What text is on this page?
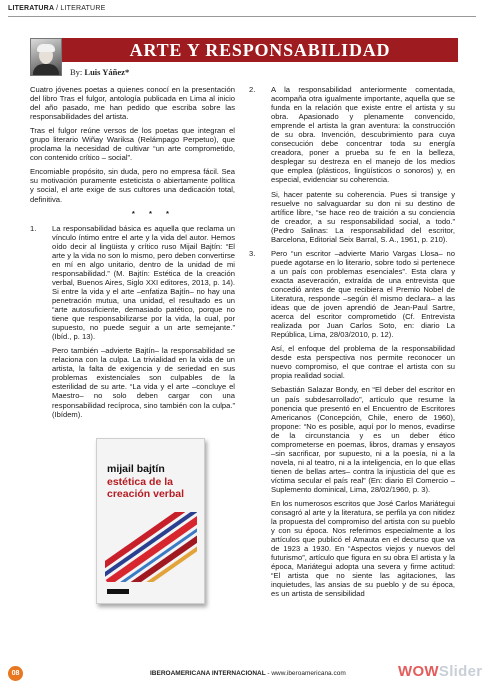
LITERATURA / LITERATURE
ARTE Y RESPONSABILIDAD
By: Luis Yáñez*

Cuatro jóvenes poetas a quienes conocí en la presentación del libro Tras el fulgor, antología publicada en Lima al inicio del año pasado, me han pedido que escriba sobre las responsabilidades del artista.

Tras el fulgor reúne versos de los poetas que integran el grupo literario Wiñay Wariksa (Relámpago Perpetuo), que proclama la necesidad de cultivar “un arte comprometido, con contenido crítico – social”.

Encomiable propósito, sin duda, pero no empresa fácil. Sea su motivación puramente esteticista o abiertamente política y social, el arte exige de sus cultores una dedicación total, definitiva.

* * *

1. La responsabilidad básica es aquella que reclama un vínculo íntimo entre el arte y la vida del autor. Hemos oído decir al lingüista y crítico ruso Mijail Bajtín: “El arte y la vida no son lo mismo, pero deben convertirse en mí en algo unitario, dentro de la unidad de mi responsabilidad.” (M. Bajtín: Estética de la creación verbal, Buenos Aires, Siglo XXI editores, 2013, p. 14). Si entre la vida y el arte –enfatiza Bajtín– no hay una penetración mutua, una unidad, el resultado es un “arte autosuficiente, demasiado patético, porque no tiene que responsabilizarse por la vida, la cual, por supuesto, no puede seguir a un arte semejante.” (Ibíd., p. 13).

Pero también –advierte Bajtín– la responsabilidad se relaciona con la culpa. La trivialidad en la vida de un artista, la falta de exigencia y de seriedad en sus problemas existenciales son culpables de la esterilidad de su arte. “La vida y el arte –concluye el Maestro– no solo deben cargar con una responsabilidad recíproca, sino también con la culpa.” (Ibídem).

mijail bajtín
estética de la creación verbal
2. A la responsabilidad anteriormente comentada, acompaña otra igualmente importante, aquella que se funda en la relación que existe entre el artista y su obra. Apasionado y plenamente convencido, emprende el artista la gran aventura: la construcción de su obra. Invención, descubrimiento para cuya consecución debe concentrar toda su energía creadora, poner a prueba su fe en la belleza, desplegar su destreza en el manejo de los medios que emplea (plásticos, lingüísticos o sonoros) y, en especial, evidenciar su coherencia.

Si, hacer patente su coherencia. Pues si transige y resuelve no salvaguardar su don ni su destino de artífice libre, “se hace reo de traición a su conciencia de creador, a su responsabilidad social, a todo.” (Pedro Salinas: La responsabilidad del escritor, Barcelona, Editorial Seix Barral, S. A., 1961, p. 210).

3. Pero “un escritor –advierte Mario Vargas Llosa– no puede agotarse en lo literario, sobre todo si pertenece a un país con problemas esenciales”. Esta clara y exacta aseveración, extraída de una entrevista que concedió antes de que recibiera el Premio Nobel de Literatura, responde –según él mismo declara– a las ideas que de joven aprendió de Jean-Paul Sartre, acerca del escritor comprometido (Cf. Entrevista realizada por Juan Carlos Soto, en: diario La República, Lima, 28/03/2010, p. 12).

Así, el enfoque del problema de la responsabilidad desde esta perspectiva nos permite reconocer un nuevo compromiso, el que contrae el artista con su propia realidad social.

Sebastián Salazar Bondy, en “El deber del escritor en un país subdesarrollado”, artículo que resume la ponencia que presentó en el Encuentro de Escritores Americanos (Concepción, Chile, enero de 1960), propone: “No es posible, aquí por lo menos, evadirse de la circunstancia y es un deber ético comprometerse en poemas, libros, dramas y ensayos –sin sacrificar, por supuesto, ni a la poesía, ni a la novela, ni al teatro, ni a la inteligencia, en lo que ellas tienen de bellas artes– contra la injusticia del que es víctima secular el país real” (En: diario El Comercio – Suplemento dominical, Lima, 28/02/1960, p. 3).

En los numerosos escritos que José Carlos Mariátegui consagró al arte y la literatura, se perfila ya con nitidez la propuesta del compromiso del artista con su pueblo y con su época. Nos referimos especialmente a los artículos que publicó el Amauta en el decurso que va de 1923 a 1930. En “Aspectos viejos y nuevos del futurismo”, artículo que figura en su obra El artista y la época, Mariátegui adopta una severa y firme actitud: “El artista que no siente las agitaciones, las inquietudes, las ansias de su pueblo y de su época, es un artista de sensibilidad

08	IBEROAMERICANA INTERNACIONAL - www.iberoamericana.com	WOWSlider
